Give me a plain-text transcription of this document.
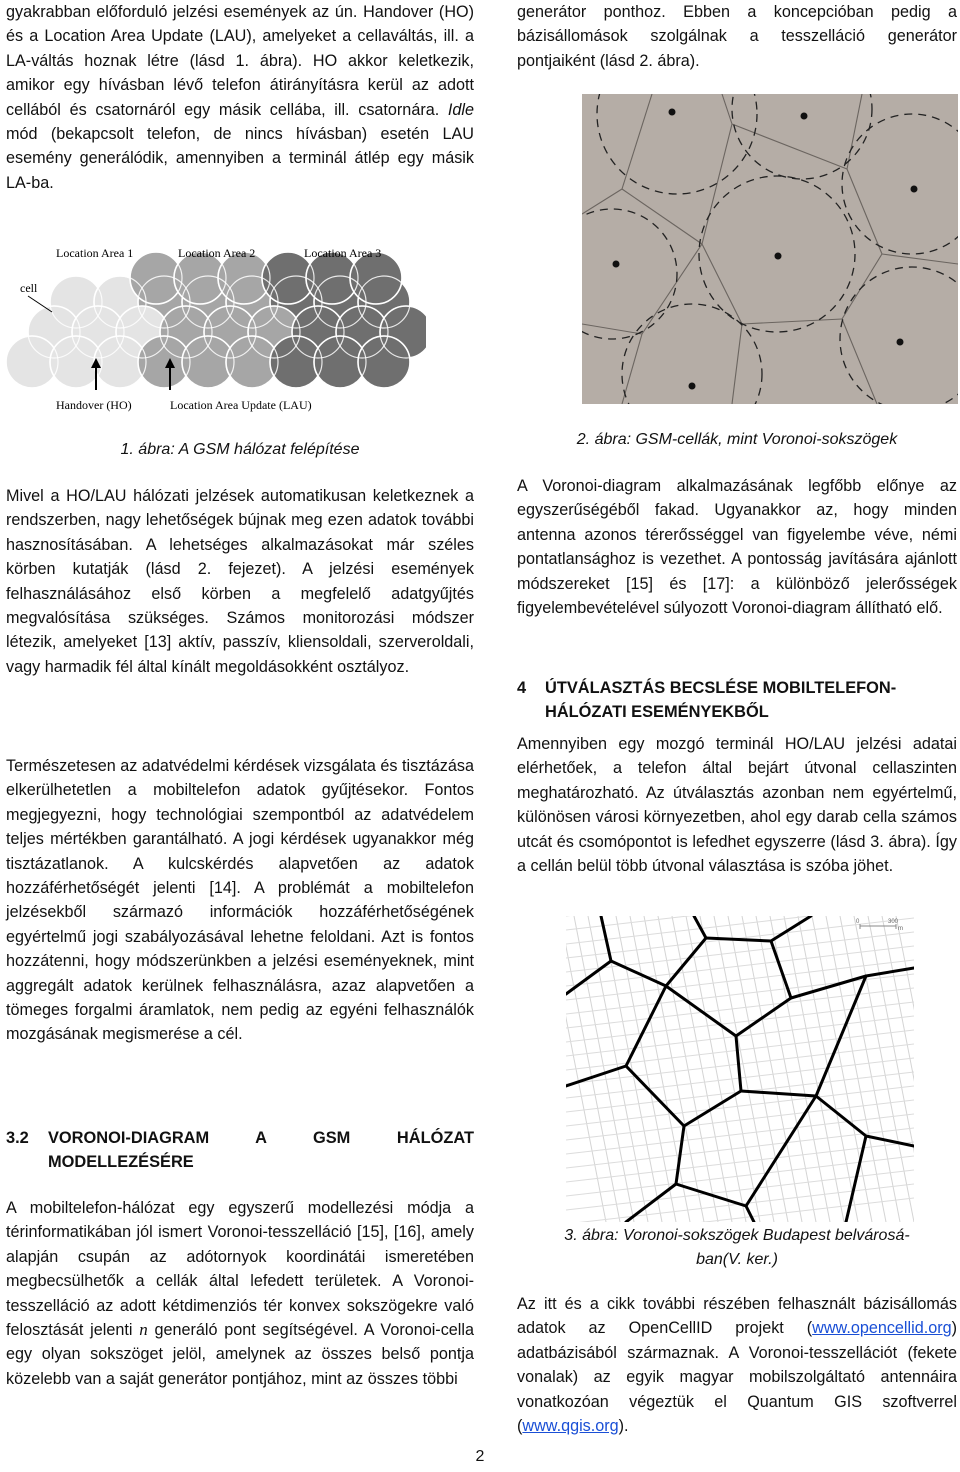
gyakrabban előforduló jelzési események az ún. Handover (HO) és a Location Area Update (LAU), amelyeket a cellaváltás, ill. a LA-váltás hoznak létre (lásd 1. ábra). HO akkor keletkezik, amikor egy hívásban lévő telefon átirányításra kerül az adott cellából és csatornáról egy másik cellába, ill. csatornára. Idle mód (bekapcsolt telefon, de nincs hívásban) esetén LAU esemény generálódik, amennyiben a terminál átlép egy másik LA-ba.

Location Area 1	Location Area 2	Location Area 3
cell
Handover (HO)	Location Area Update (LAU)

1. ábra: A GSM hálózat felépítése

Mivel a HO/LAU hálózati jelzések automatikusan keletkeznek a rendszerben, nagy lehetőségek bújnak meg ezen adatok további hasznosításában. A lehetséges alkalmazásokat már széles körben kutatják (lásd 2. fejezet). A jelzési események felhasználásához első körben a megfelelő adatgyűjtés megvalósítása szükséges. Számos monitorozási módszer létezik, amelyeket [13] aktív, passzív, kliensoldali, szerveroldali, vagy harmadik fél által kínált megoldásokként osztályoz.

Természetesen az adatvédelmi kérdések vizsgálata és tisztázása elkerülhetetlen a mobiltelefon adatok gyűjtésekor. Fontos megjegyezni, hogy technológiai szempontból az adatvédelem teljes mértékben garantálható. A jogi kérdések ugyanakkor még tisztázatlanok. A kulcskérdés alapvetően az adatok hozzáférhetőségét jelenti [14]. A problémát a mobiltelefon jelzésekből származó információk hozzáférhetőségének egyértelmű jogi szabályozásával lehetne feloldani. Azt is fontos hozzátenni, hogy módszerünkben a jelzési eseményeknek, mint aggregált adatok kerülnek felhasználásra, azaz alapvetően a tömeges forgalmi áramlatok, nem pedig az egyéni felhasználók mozgásának megismerése a cél.

3.2	VORONOI-DIAGRAM A GSM HÁLÓZAT
MODELLEZÉSÉRE

A mobiltelefon-hálózat egy egyszerű modellezési módja a térinformatikában jól ismert Voronoi-tesszelláció [15], [16], amely alapján csupán az adótornyok koordinátái ismeretében megbecsülhetők a cellák által lefedett területek. A Voronoi-tesszelláció az adott kétdimenziós tér konvex sokszögekre való felosztását jelenti n generáló pont segítségével. A Voronoi-cella egy olyan sokszöget jelöl, amelynek az összes belső pontja közelebb van a saját generátor pontjához, mint az összes többi

generátor ponthoz. Ebben a koncepcióban pedig a bázisállomások szolgálnak a tesszelláció generátor pontjaiként (lásd 2. ábra).

2. ábra: GSM-cellák, mint Voronoi-sokszögek

A Voronoi-diagram alkalmazásának legfőbb előnye az egyszerűségéből fakad. Ugyanakkor az, hogy minden antenna azonos térerősséggel van figyelembe véve, némi pontatlansághoz is vezethet. A pontosság javítására ajánlott módszereket [15] és [17]: a különböző jelerősségek figyelembevételével súlyozott Voronoi-diagram állítható elő.

4	ÚTVÁLASZTÁS BECSLÉSE MOBILTELEFON-
HÁLÓZATI ESEMÉNYEKBŐL

Amennyiben egy mozgó terminál HO/LAU jelzési adatai elérhetőek, a telefon által bejárt útvonal cellaszinten meghatározható. Az útválasztás azonban nem egyértelmű, különösen városi környezetben, ahol egy darab cella számos utcát és csomópontot is lefedhet egyszerre (lásd 3. ábra). Így a cellán belül több útvonal választása is szóba jöhet.

0	300
m

3. ábra: Voronoi-sokszögek Budapest belvárosá-

ban(V. ker.)

Az itt és a cikk további részében felhasznált bázisállomás adatok az OpenCellID projekt (www.opencellid.org) adatbázisából származnak. A Voronoi-tesszellációt (fekete vonalak) az egyik magyar mobilszolgáltató antennáira vonatkozóan végeztük el Quantum GIS szoftverrel (www.qgis.org).

2
